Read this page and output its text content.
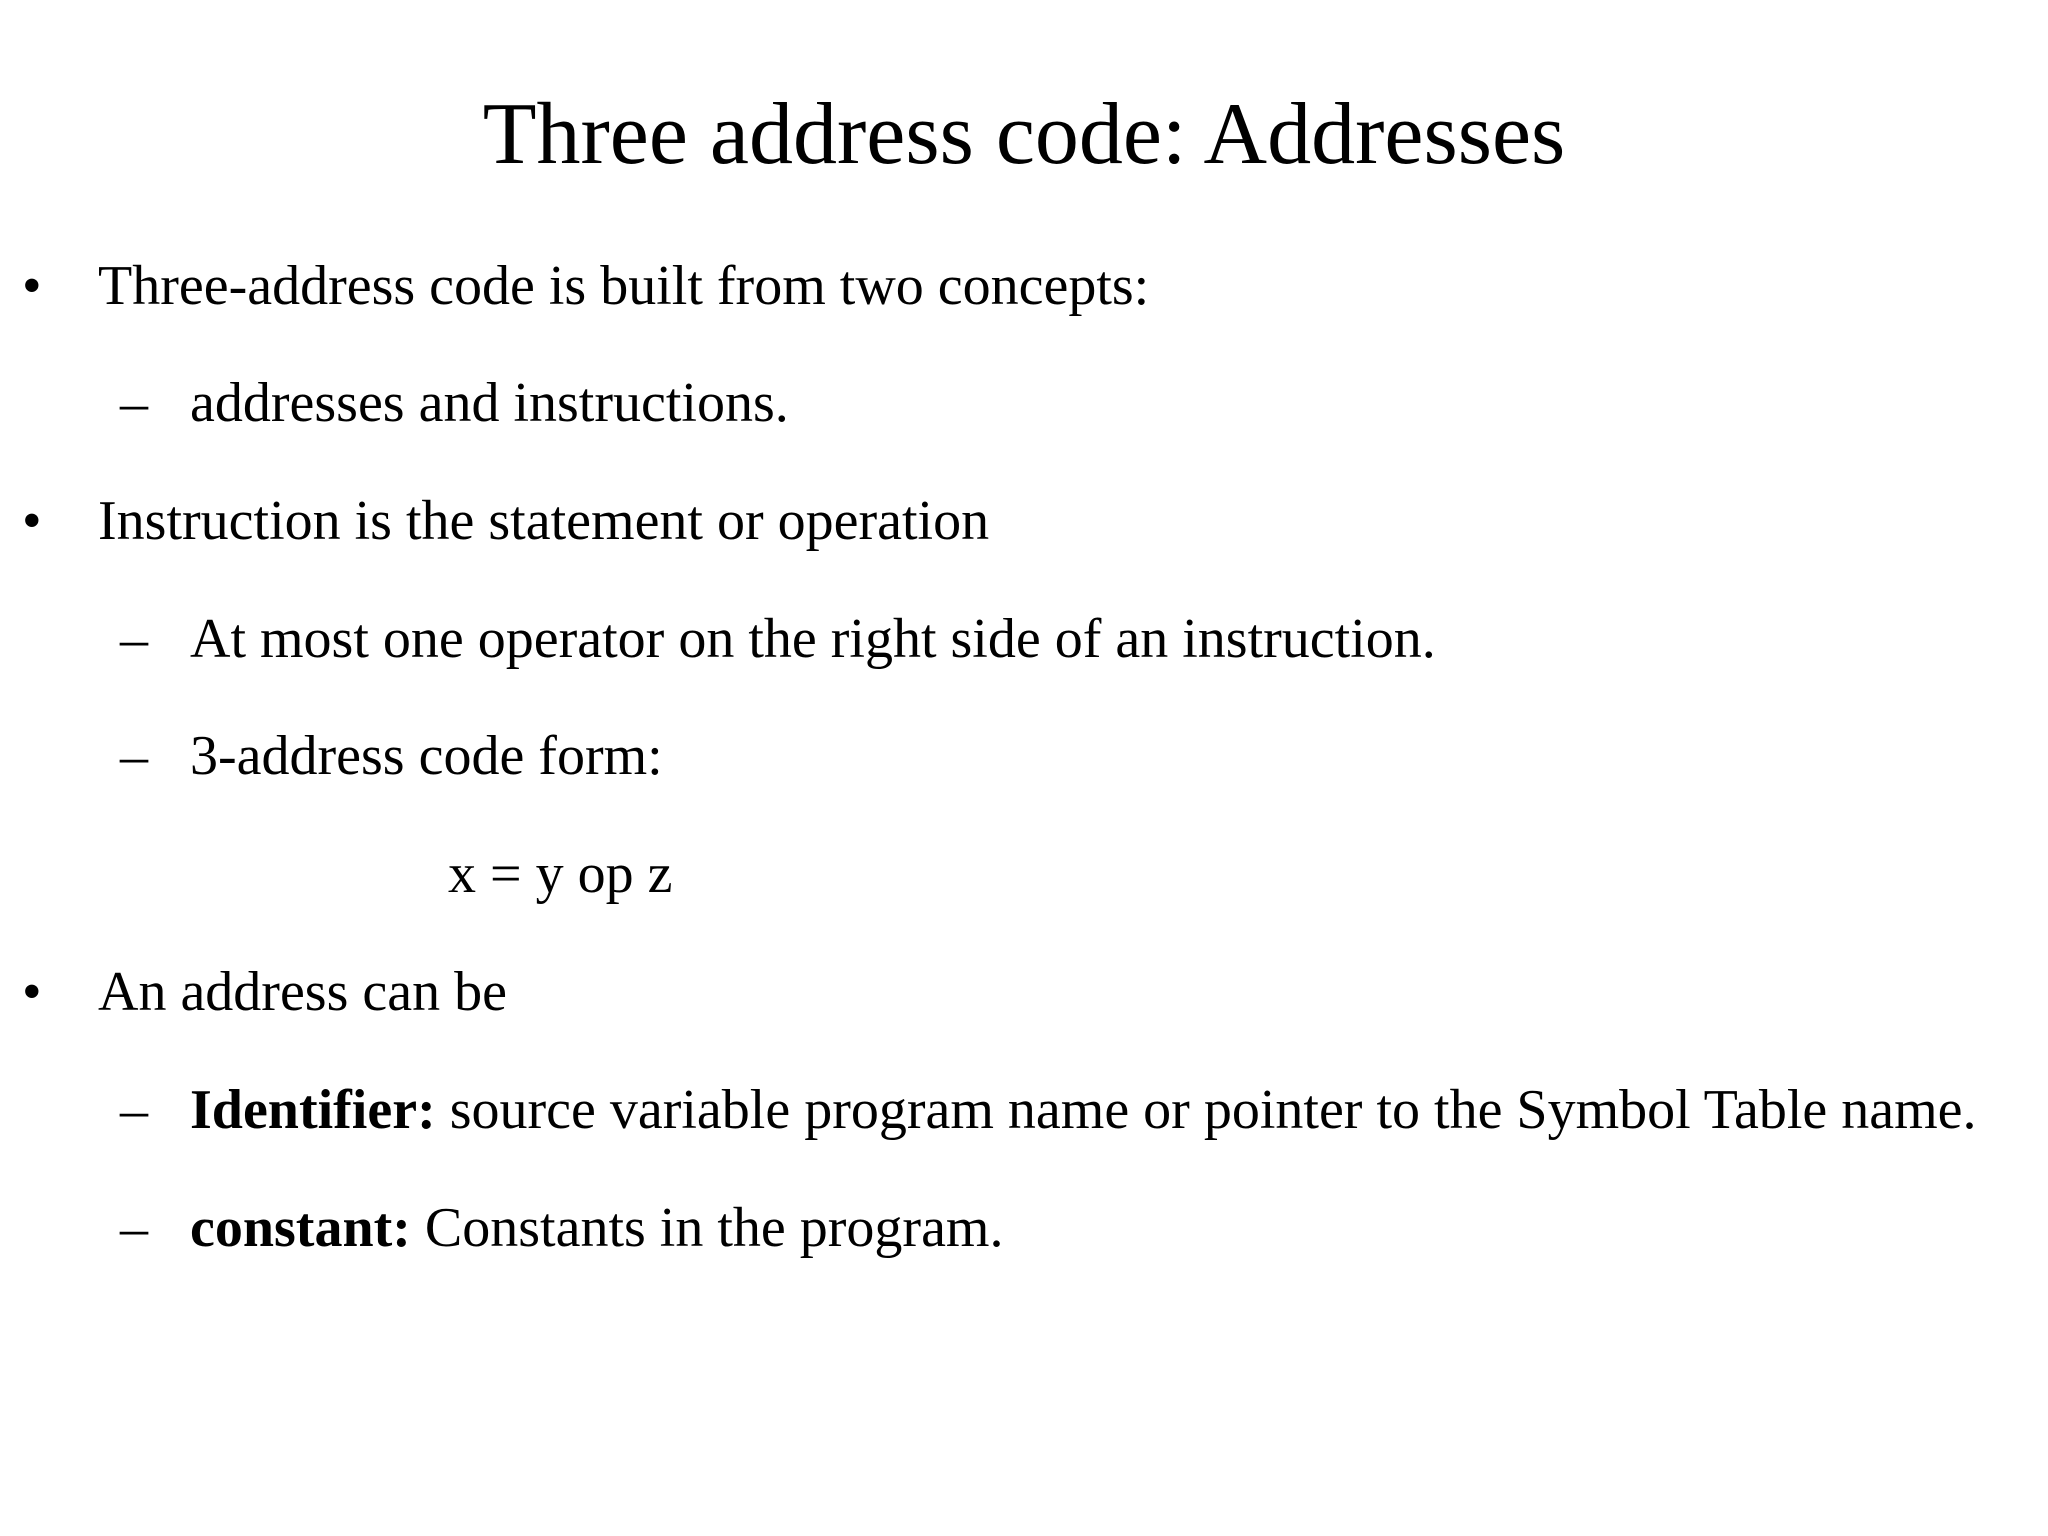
Three address code: Addresses
• Three-address code is built from two concepts:
– addresses and instructions.
• Instruction is the statement or operation
– At most one operator on the right side of an instruction.
– 3-address code form:
x = y op z
• An address can be
– Identifier: source variable program name or pointer to the Symbol Table name.
– constant: Constants in the program.
